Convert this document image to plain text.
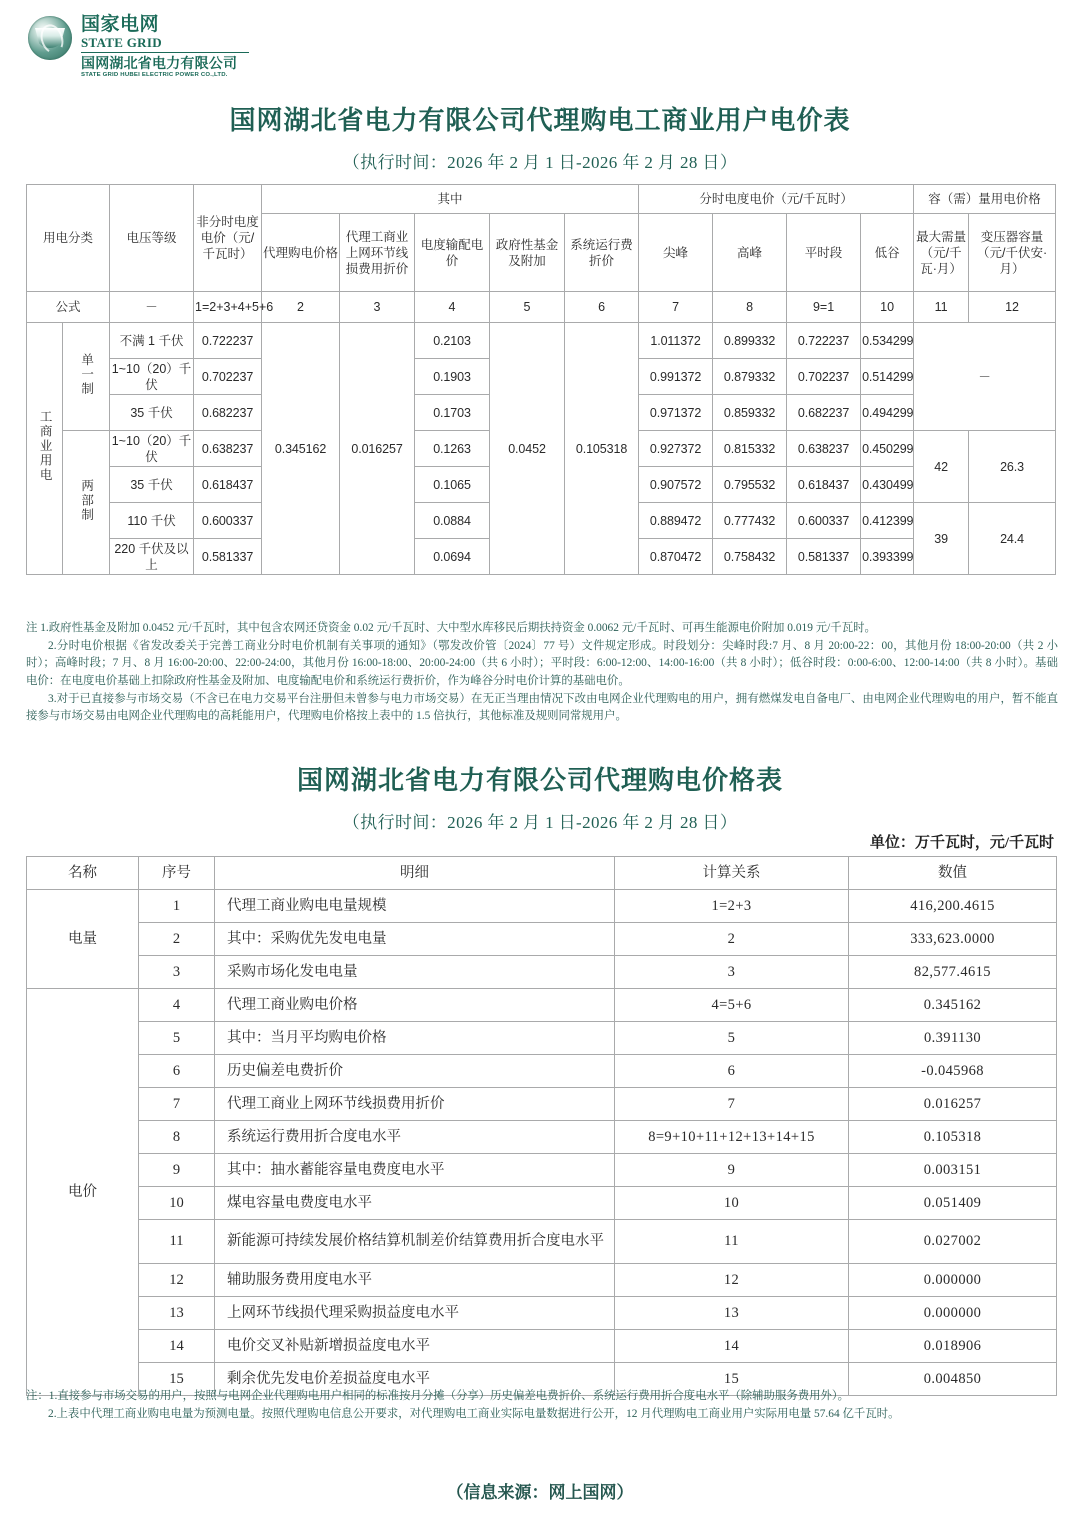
国家电网
STATE GRID
国网湖北省电力有限公司
STATE GRID HUBEI ELECTRIC POWER CO.,LTD.
国网湖北省电力有限公司代理购电工商业用户电价表
（执行时间：2026 年 2 月 1 日-2026 年 2 月 28 日）
用电分类		电压等级	非分时电度电价（元/千瓦时）	其中					分时电度电价（元/千瓦时）				容（需）量用电价格	
				代理购电价格	代理工商业上网环节线损费用折价	电度输配电价	政府性基金及附加	系统运行费折价	尖峰	高峰	平时段	低谷	最大需量（元/千瓦·月）	变压器容量（元/千伏安·月）
公式		－	1=2+3+4+5+6	2	3	4	5	6	7	8	9=1	10	11	12
工商业用电	单一制	不满 1 千伏	0.722237	0.345162	0.016257	0.2103	0.0452	0.105318	1.011372	0.899332	0.722237	0.534299	－	
		1~10（20）千伏	0.702237			0.1903			0.991372	0.879332	0.702237	0.514299		
		35 千伏	0.682237			0.1703			0.971372	0.859332	0.682237	0.494299		
	两部制	1~10（20）千伏	0.638237			0.1263			0.927372	0.815332	0.638237	0.450299	42	26.3
		35 千伏	0.618437			0.1065			0.907572	0.795532	0.618437	0.430499		
		110 千伏	0.600337			0.0884			0.889472	0.777432	0.600337	0.412399	39	24.4
		220 千伏及以上	0.581337			0.0694			0.870472	0.758432	0.581337	0.393399		

注 1.政府性基金及附加 0.0452 元/千瓦时，其中包含农网还贷资金 0.02 元/千瓦时、大中型水库移民后期扶持资金 0.0062 元/千瓦时、可再生能源电价附加 0.019 元/千瓦时。

2.分时电价根据《省发改委关于完善工商业分时电价机制有关事项的通知》（鄂发改价管〔2024〕77 号）文件规定形成。时段划分：尖峰时段:7 月、8 月 20:00-22：00，其他月份 18:00-20:00（共 2 小时）；高峰时段；7 月、8 月 16:00-20:00、22:00-24:00，其他月份 16:00-18:00、20:00-24:00（共 6 小时）；平时段：6:00-12:00、14:00-16:00（共 8 小时）；低谷时段：0:00-6:00、12:00-14:00（共 8 小时）。基础电价：在电度电价基础上扣除政府性基金及附加、电度输配电价和系统运行费折价，作为峰谷分时电价计算的基础电价。

3.对于已直接参与市场交易（不含已在电力交易平台注册但未曾参与电力市场交易）在无正当理由情况下改由电网企业代理购电的用户，拥有燃煤发电自备电厂、由电网企业代理购电的用户，暂不能直接参与市场交易由电网企业代理购电的高耗能用户，代理购电价格按上表中的 1.5 倍执行，其他标准及规则同常规用户。

国网湖北省电力有限公司代理购电价格表
（执行时间：2026 年 2 月 1 日-2026 年 2 月 28 日）
单位：万千瓦时，元/千瓦时
名称	序号	明细	计算关系	数值
电量	1	代理工商业购电电量规模	1=2+3	416,200.4615
	2	其中：采购优先发电电量	2	333,623.0000
	3	采购市场化发电电量	3	82,577.4615
电价	4	代理工商业购电价格	4=5+6	0.345162
	5	其中：当月平均购电价格	5	0.391130
	6	历史偏差电费折价	6	-0.045968
	7	代理工商业上网环节线损费用折价	7	0.016257
	8	系统运行费用折合度电水平	8=9+10+11+12+13+14+15	0.105318
	9	其中：抽水蓄能容量电费度电水平	9	0.003151
	10	煤电容量电费度电水平	10	0.051409
	11	新能源可持续发展价格结算机制差价结算费用折合度电水平	11	0.027002
	12	辅助服务费用度电水平	12	0.000000
	13	上网环节线损代理采购损益度电水平	13	0.000000
	14	电价交叉补贴新增损益度电水平	14	0.018906
	15	剩余优先发电价差损益度电水平	15	0.004850

注：1.直接参与市场交易的用户，按照与电网企业代理购电用户相同的标准按月分摊（分享）历史偏差电费折价、系统运行费用折合度电水平（除辅助服务费用外）。

2.上表中代理工商业购电电量为预测电量。按照代理购电信息公开要求，对代理购电工商业实际电量数据进行公开，12 月代理购电工商业用户实际用电量 57.64 亿千瓦时。

（信息来源：网上国网）
